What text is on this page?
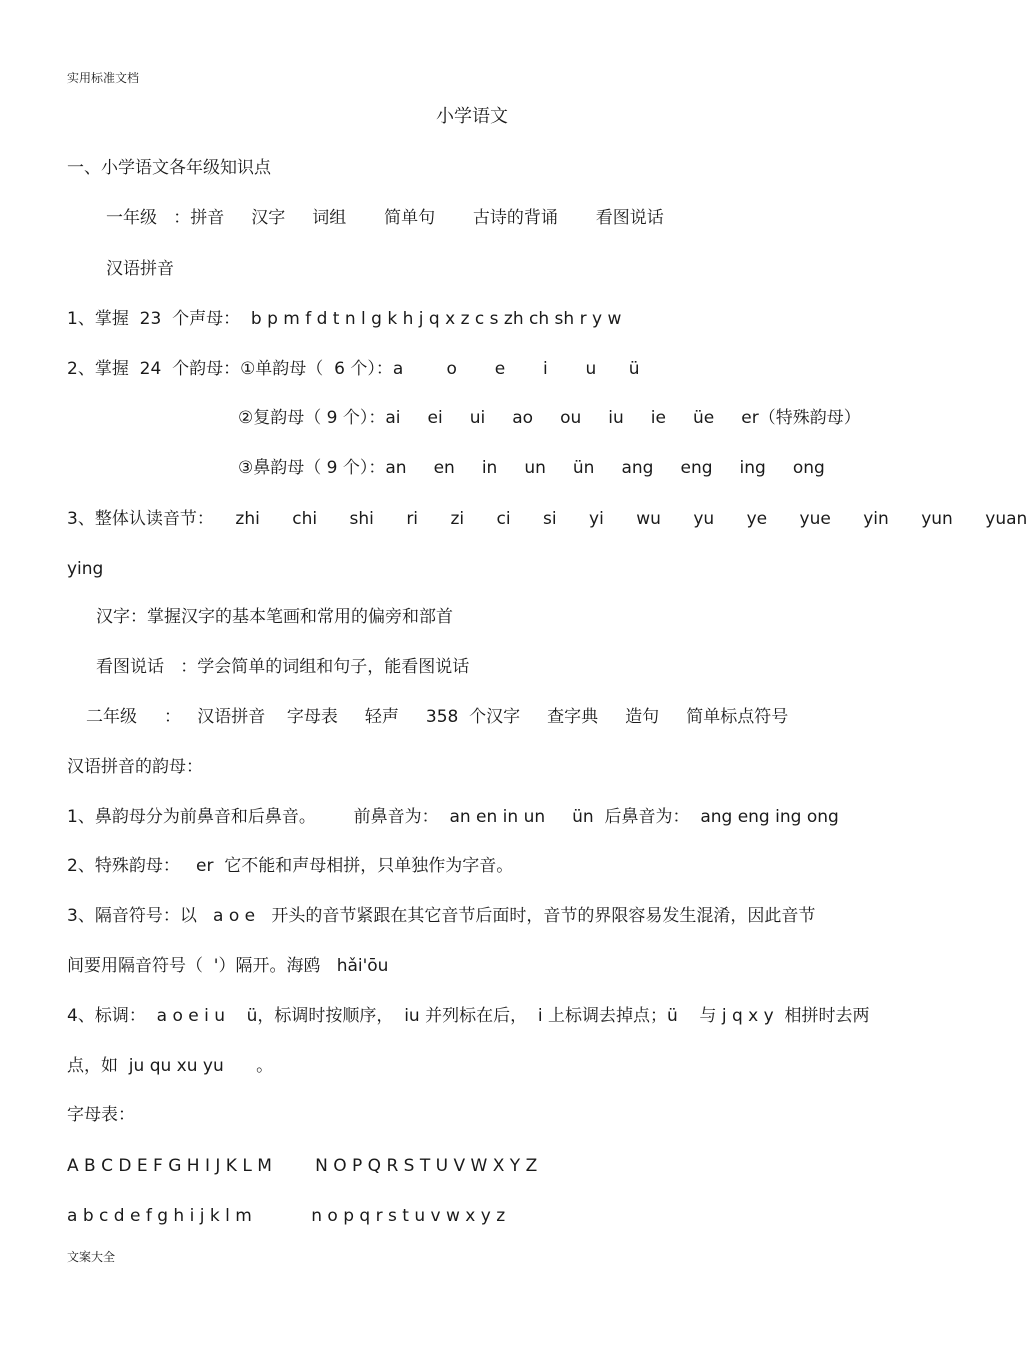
实用标准文档
小学语文
一、小学语文各年级知识点
一年级   ：拼音     汉字     词组       简单句       古诗的背诵       看图说话
汉语拼音
1、掌握  23  个声母：  b p m f d t n l g k h j q x z c s zh ch sh r y w
2、掌握  24  个韵母：①单韵母（  6 个）：a        o       e       i       u      ü
②复韵母（ 9 个）：ai     ei     ui     ao     ou     iu     ie     üe     er（特殊韵母）
③鼻韵母（ 9 个）：an     en     in     un     ün     ang     eng     ing     ong
3、整体认读音节：    zhi      chi      shi      ri      zi      ci      si      yi      wu      yu      ye      yue      yin      yun      yuan
ying
汉字：掌握汉字的基本笔画和常用的偏旁和部首
看图说话   ：学会简单的词组和句子，能看图说话
二年级     ：   汉语拼音    字母表     轻声     358  个汉字     查字典     造句     简单标点符号
汉语拼音的韵母：
1、鼻韵母分为前鼻音和后鼻音。       前鼻音为：  an en in un     ün  后鼻音为：  ang eng ing ong
2、特殊韵母：   er  它不能和声母相拼，只单独作为字音。
3、隔音符号：以   a o e   开头的音节紧跟在其它音节后面时，音节的界限容易发生混淆，因此音节
间要用隔音符号（  '）隔开。海鸥   hǎi'ōu
4、标调：  a o e i u    ü，标调时按顺序，  iu 并列标在后，  i 上标调去掉点；ü    与 j q x y  相拼时去两
点，如  ju qu xu yu      。
字母表：
A B C D E F G H I J K L M        N O P Q R S T U V W X Y Z
a b c d e f g h i j k l m           n o p q r s t u v w x y z
文案大全
